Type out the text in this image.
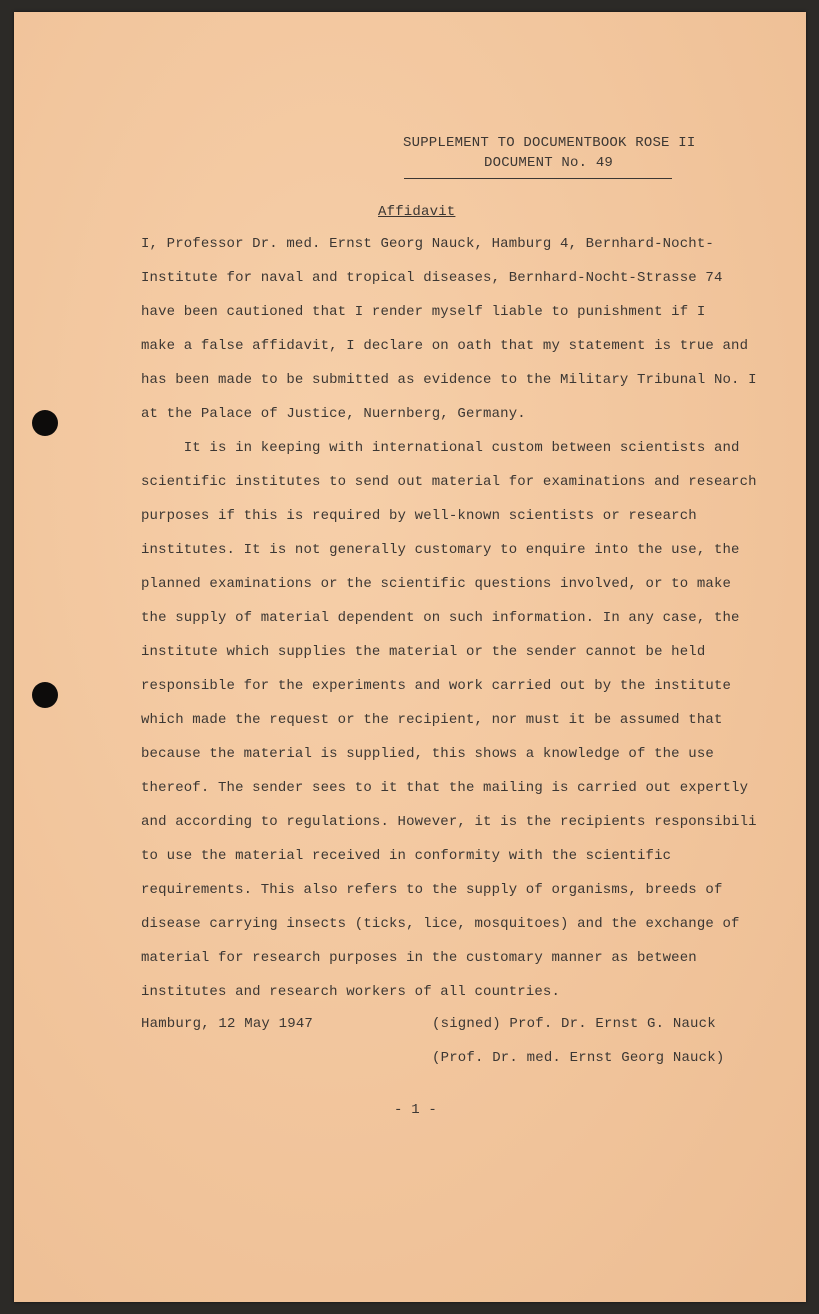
SUPPLEMENT TO DOCUMENTBOOK ROSE II
DOCUMENT No. 49
Affidavit
I, Professor Dr. med. Ernst Georg Nauck, Hamburg 4, Bernhard-Nocht-
Institute for naval and tropical diseases, Bernhard-Nocht-Strasse 74
have been cautioned that I render myself liable to punishment if I
make a false affidavit, I declare on oath that my statement is true and
has been made to be submitted as evidence to the Military Tribunal No. I
at the Palace of Justice, Nuernberg, Germany.
It is in keeping with international custom between scientists and
scientific institutes to send out material for examinations and research
purposes if this is required by well-known scientists or research
institutes. It is not generally customary to enquire into the use, the
planned examinations or the scientific questions involved, or to make
the supply of material dependent on such information. In any case, the
institute which supplies the material or the sender cannot be held
responsible for the experiments and work carried out by the institute
which made the request or the recipient, nor must it be assumed that
because the material is supplied, this shows a knowledge of the use
thereof. The sender sees to it that the mailing is carried out expertly
and according to regulations. However, it is the recipients responsibili
to use the material received in conformity with the scientific
requirements. This also refers to the supply of organisms, breeds of
disease carrying insects (ticks, lice, mosquitoes) and the exchange of
material for research purposes in the customary manner as between
institutes and research workers of all countries.
Hamburg, 12 May 1947	(signed) Prof. Dr. Ernst G. Nauck
(Prof. Dr. med. Ernst Georg Nauck)
- 1 -
